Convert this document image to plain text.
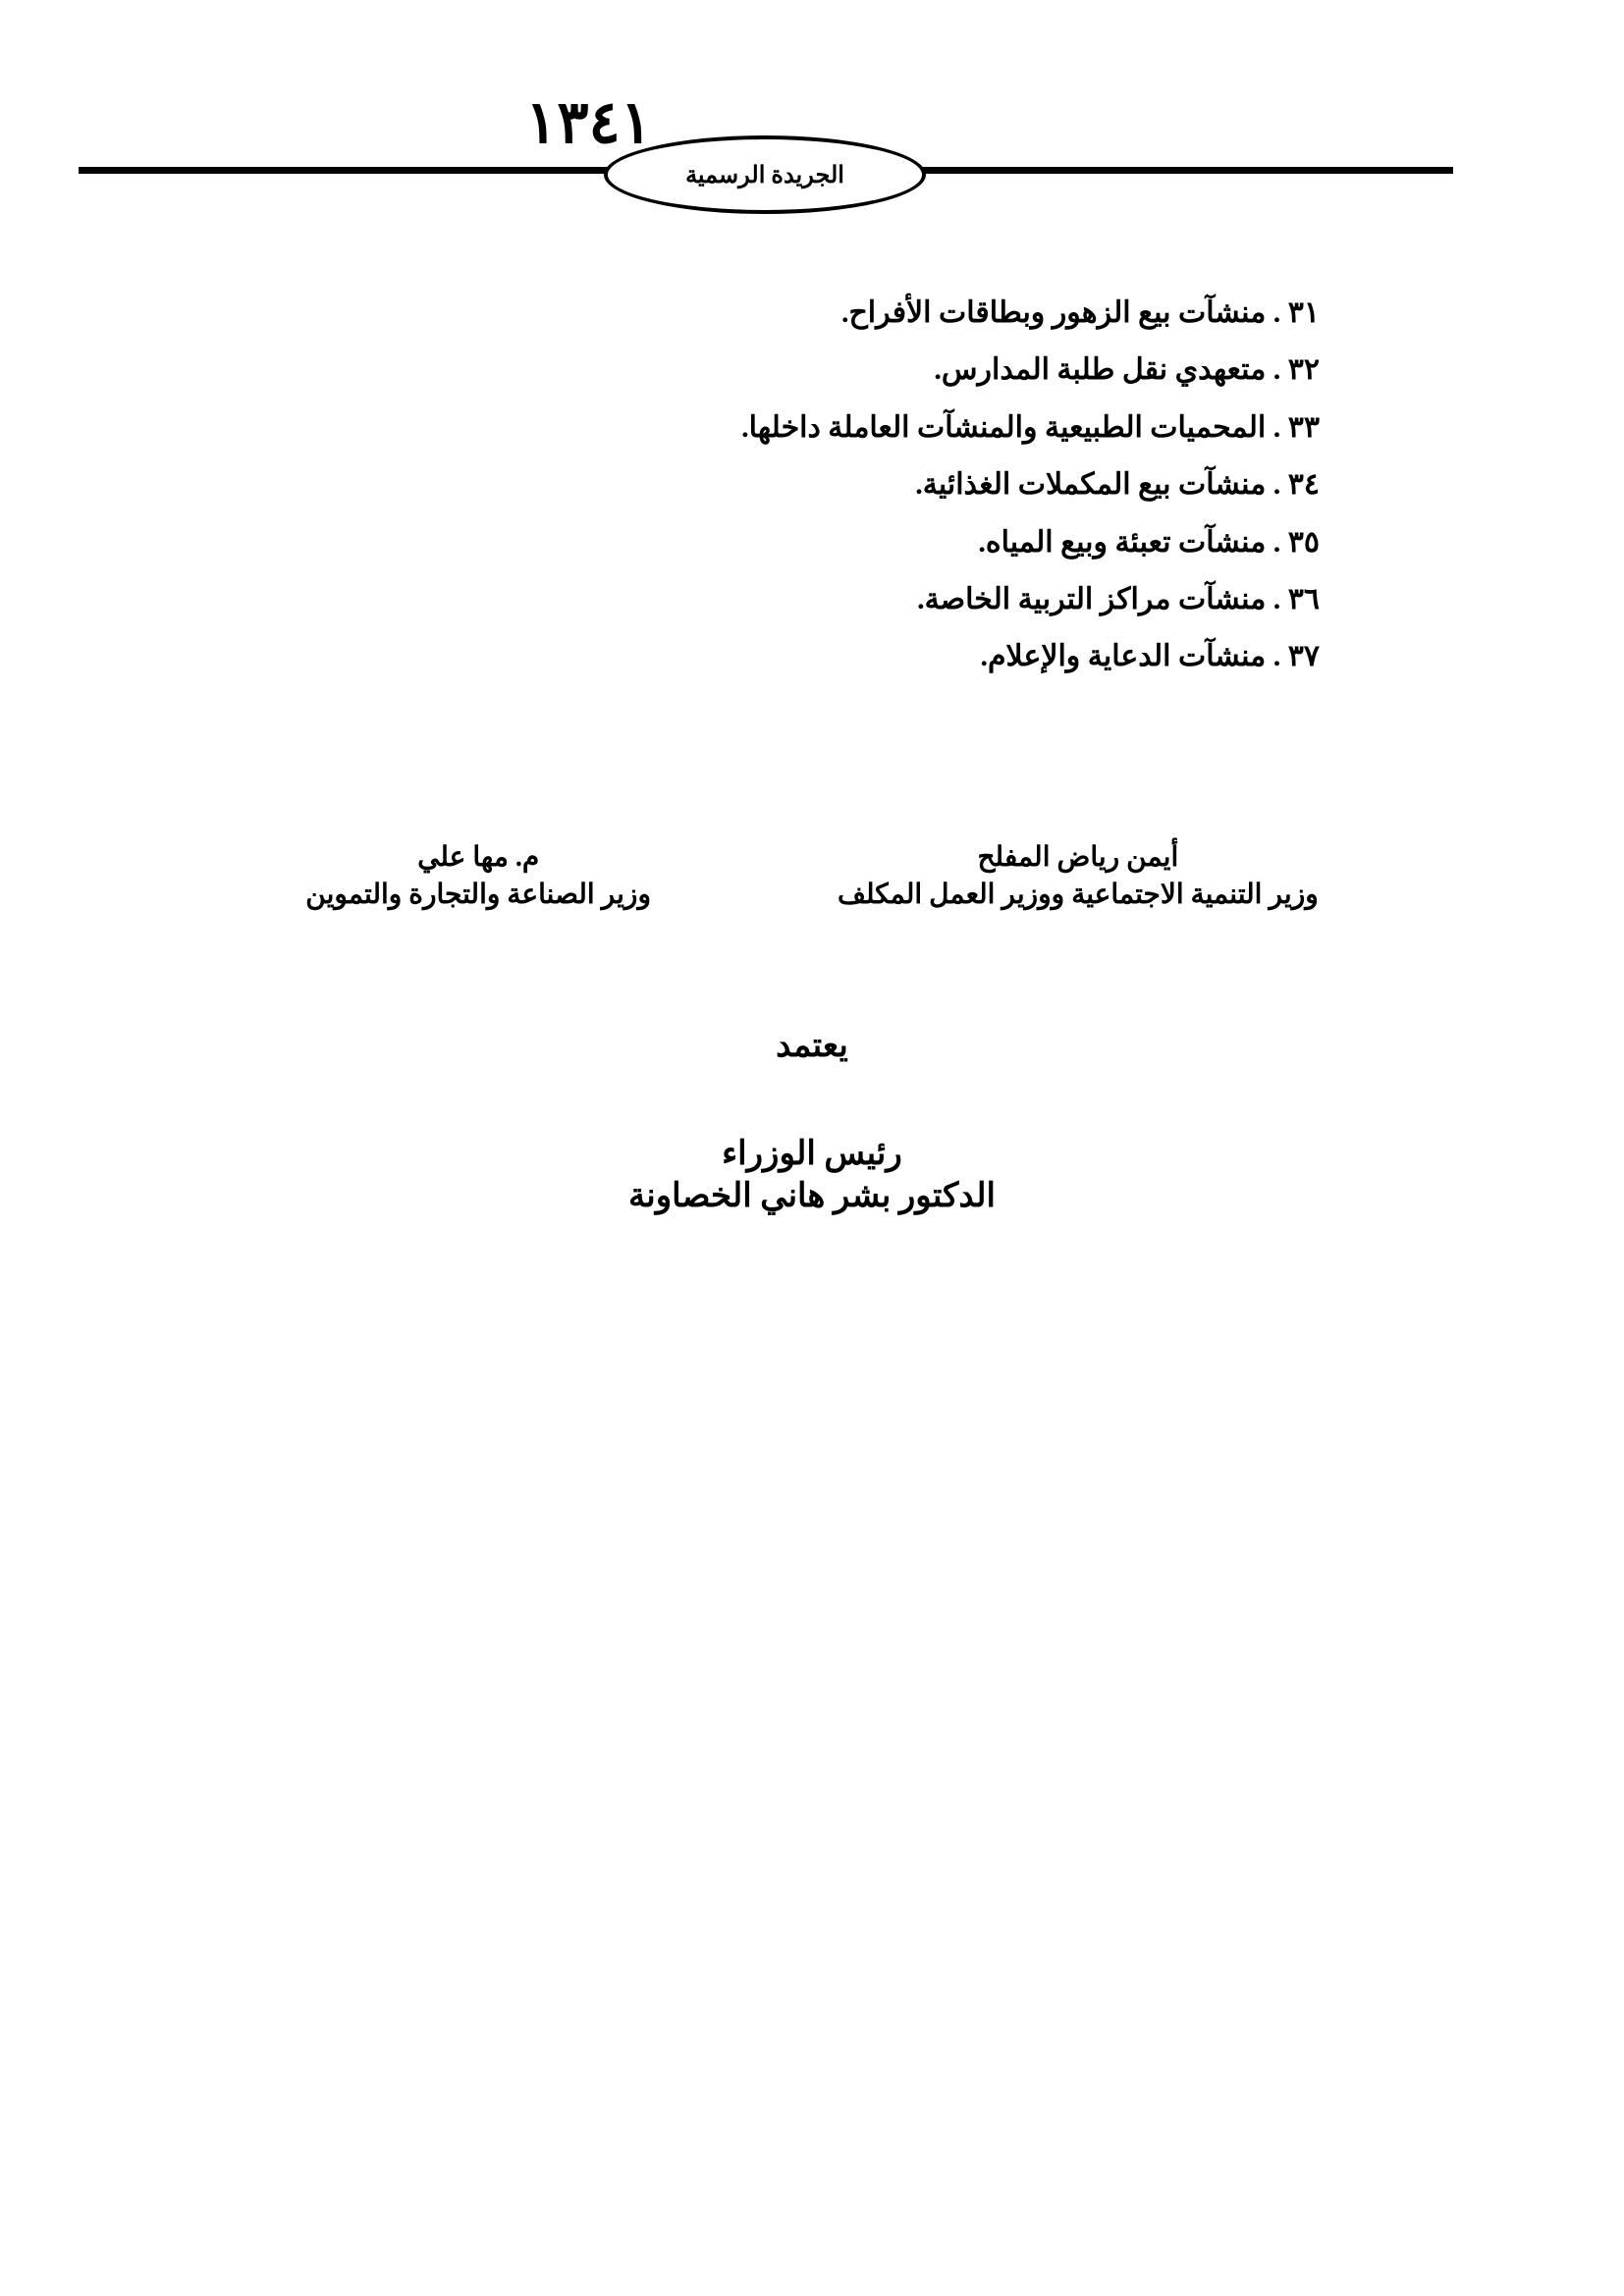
١٣٤١
الجريدة الرسمية
٣١ . منشآت بيع الزهور وبطاقات الأفراح.
٣٢ . متعهدي نقل طلبة المدارس.
٣٣ . المحميات الطبيعية والمنشآت العاملة داخلها.
٣٤ . منشآت بيع المكملات الغذائية.
٣٥ . منشآت تعبئة وبيع المياه.
٣٦ . منشآت مراكز التربية الخاصة.
٣٧ . منشآت الدعاية والإعلام.
أيمن رياض المفلح
وزير التنمية الاجتماعية ووزير العمل المكلف
م. مها علي
وزير الصناعة والتجارة والتموين
يعتمد
رئيس الوزراء
الدكتور بشر هاني الخصاونة
